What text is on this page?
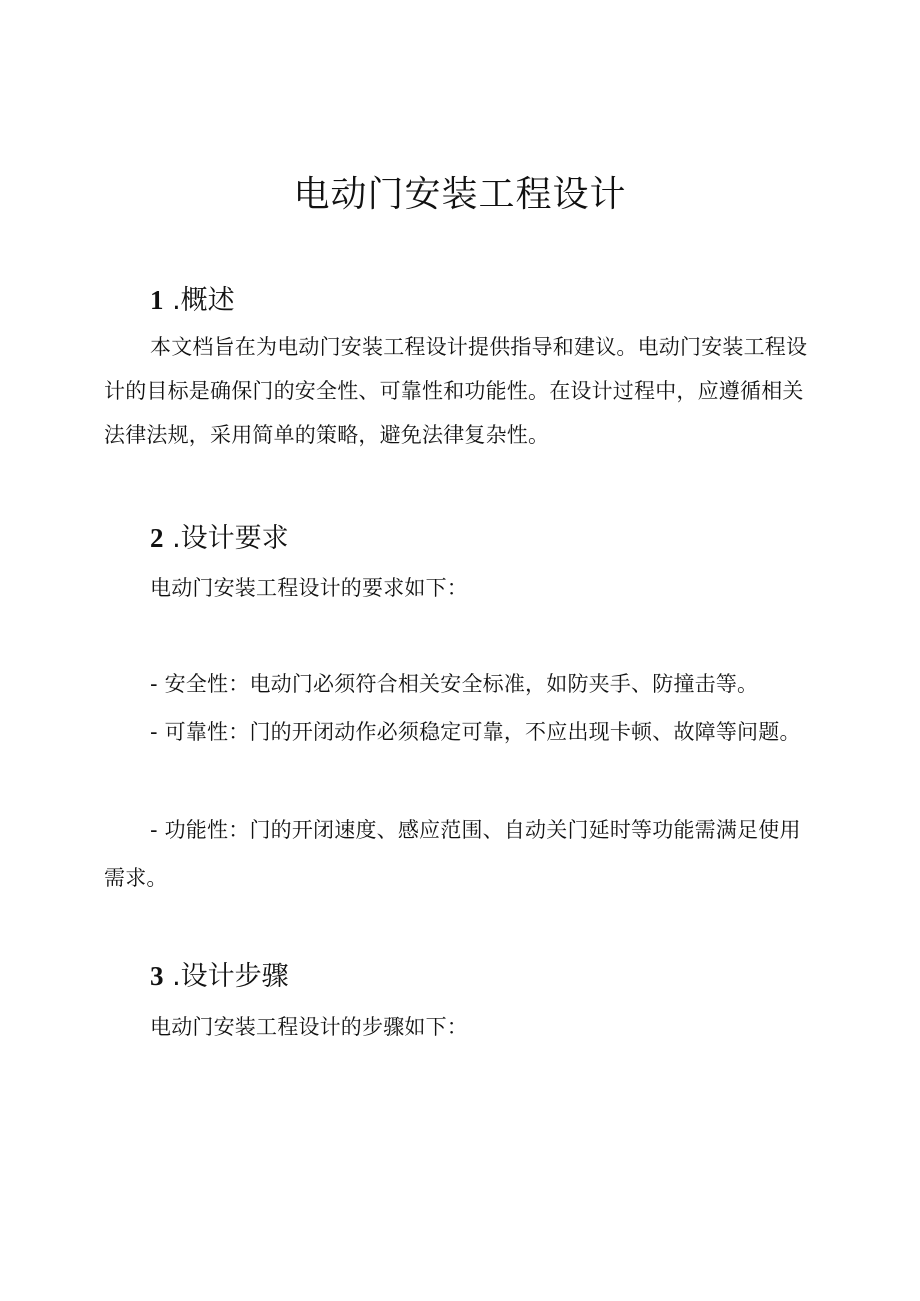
电动门安装工程设计
1 .概述

本文档旨在为电动门安装工程设计提供指导和建议。电动门安装工程设计的目标是确保门的安全性、可靠性和功能性。在设计过程中，应遵循相关法律法规，采用简单的策略，避免法律复杂性。

2 .设计要求

电动门安装工程设计的要求如下：

- 安全性：电动门必须符合相关安全标准，如防夹手、防撞击等。

- 可靠性：门的开闭动作必须稳定可靠，不应出现卡顿、故障等问题。

- 功能性：门的开闭速度、感应范围、自动关门延时等功能需满足使用需求。

3 .设计步骤

电动门安装工程设计的步骤如下：
